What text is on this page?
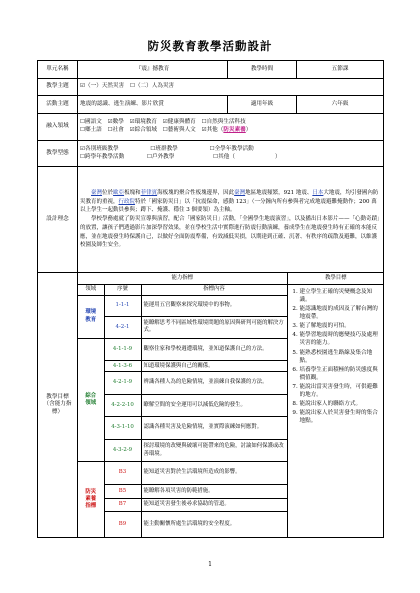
防災教育教學活動設計
單元名稱	『震』撼教育	教學時間	五節課
教學主題	☑（一）天然災害 ☐（二）人為災害
活動主題	地震的認識、逃生演練、影片欣賞	適用年級	六年級
融入領域	
☐國語文 ☑數學 ☑環境教育 ☑健康與體育 ☐自然與生活科技
☐鄉土語 ☐社會 ☑綜合領域 ☐藝術與人文 ☑其他（防災素養）

教學型態	
☑各別班級教學	☐班群教學	☐全學年教學活動
☐跨學年教學活動	☐戶外教學	☐其他（	）

設計理念	

　　臺灣位於歐亞板塊和菲律賓海板塊的聚合性板塊邊界，因此臺灣地區地震頻繁，921 地震、日本大地震，均引發國內防災教育的重視，行政院特於「國家防災日」以「抗震保命，感動 123」（一分鐘內所有參與者完成地震避難掩動作；200 萬以上學生一起動員參與；蹲下、掩護、穩住 3 個要領）為主軸。

　　學校學務處就了防災宣導與演習，配合「國家防災日」活動，「全國學生地震演習」，以及播出日本影片——「心動奇蹟」的放置，讓孩子們透過影片加深學習效果，並在學校生活中實際進行防震行動演練，養成學生在地震發生時有正確的本能反應，並在地震發生時保護自己，以做好全面防震準備，有效減低災損，以期達到正確、沉著、有秩序的疏散及避難，以維護校園及師生安全。

教學目標
（含能力指標）	
能力指標	教學目標
領域	序號	指標內容	
1.建立學生正確的災變概念及知識。
2. 能認識地震的成因及了解台灣的地震帶。
3. 能了解地震的可怕。
4. 能學習地震時的應變技巧及處理災害的能力。
5. 能熟悉校園逃生路線及集合地點。
6. 培養學生正面積極的防災態度與價值觀。
7. 能說出當災害發生時，可供避難的地方。
8. 能說出家人的聯絡方式。
9. 能說出家人於災害發生時的集合地點。

環境
教育	1-1-1	能運用五官觀察來探究環境中的事物。
4-2-1	能瞭解思考不同區域性環境問題的原因與研判可能的解決方式。
綜合
領域	4-1-1-9	觀察住家和學校週遭環境，並知道保護自己的方法。
4-1-3-6	知道環境保護與自己的關係。
4-2-1-9	辨識各種人為的危險情境，並演練自我保護的方法。
4-2-2-10	瞭解空間的安全運用可以減低危險的發生。
4-3-1-10	認識各種災害及危險情境，並實際演練如何應對。
4-3-2-9	探討環境的改變與破壞可能帶來的危險，討論如何保護或改善環境。
防災
素養
指標	B3	能知道災害對於生活環境所造成的影響。
B5	能瞭解各項災害的防範措施。
B7	能知道災害發生後尋求協助的管道。
B9	能主動關懷所處生活環境的安全程度。
1
